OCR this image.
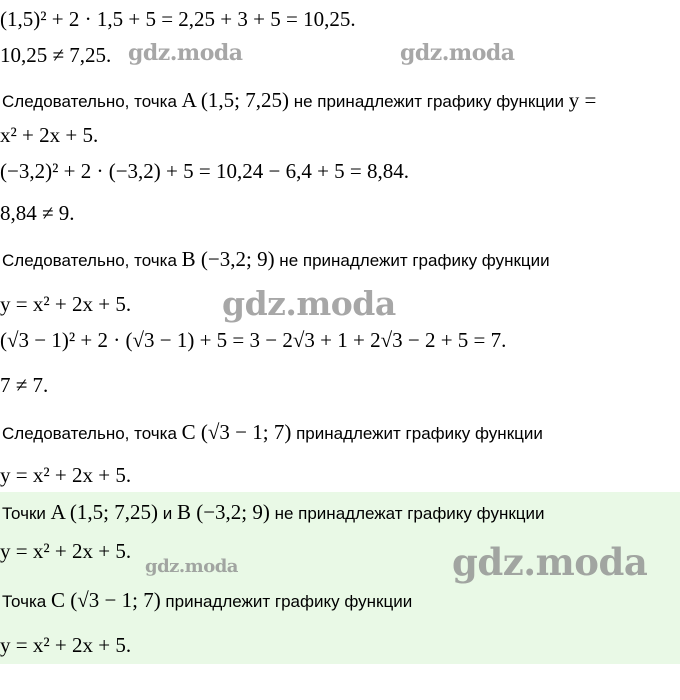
(1,5)² + 2 · 1,5 + 5 = 2,25 + 3 + 5 = 10,25.
10,25 ≠ 7,25.
Следовательно, точка A (1,5; 7,25) не принадлежит графику функции y =
x² + 2x + 5.
(−3,2)² + 2 · (−3,2) + 5 = 10,24 − 6,4 + 5 = 8,84.
8,84 ≠ 9.
Следовательно, точка B (−3,2; 9) не принадлежит графику функции
y = x² + 2x + 5.
(√3 − 1)² + 2 · (√3 − 1) + 5 = 3 − 2√3 + 1 + 2√3 − 2 + 5 = 7.
7 ≠ 7.
Следовательно, точка C (√3 − 1; 7) принадлежит графику функции
y = x² + 2x + 5.
Точки A (1,5; 7,25) и B (−3,2; 9) не принадлежат графику функции
y = x² + 2x + 5.
Точка C (√3 − 1; 7) принадлежит графику функции
y = x² + 2x + 5.
gdz.moda	gdz.moda
gdz.moda
gdz.moda
gdz.moda
